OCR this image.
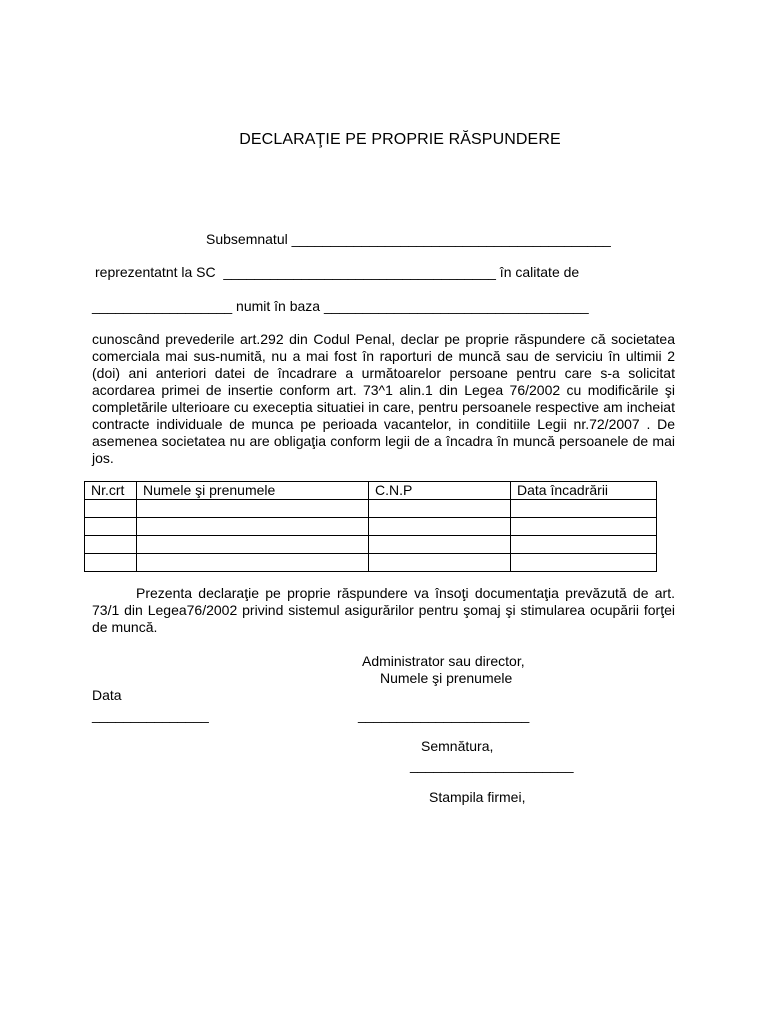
DECLARAŢIE PE PROPRIE RĂSPUNDERE
Subsemnatul _________________________________________
reprezentatnt la SC  ___________________________________ în calitate de
__________________ numit în baza __________________________________
cunoscând prevederile art.292 din Codul Penal, declar pe proprie răspundere că societatea comerciala mai sus-numită, nu a mai fost în raporturi de muncă sau de serviciu în ultimii 2 (doi) ani anteriori datei de încadrare a următoarelor persoane pentru care s-a solicitat acordarea primei de insertie conform art. 73^1 alin.1 din Legea 76/2002 cu modificările şi completările ulterioare cu execeptia situatiei in care, pentru persoanele respective am incheiat contracte individuale de munca pe perioada vacantelor, in conditiile Legii nr.72/2007 . De asemenea societatea nu are obligaţia conform legii de a încadra în muncă persoanele de mai jos.
Nr.crt	Numele şi prenumele	C.N.P	Data încadrării

Prezenta declaraţie pe proprie răspundere va însoţi documentaţia prevăzută de art. 73/1 din Legea76/2002 privind sistemul asigurărilor pentru şomaj şi stimularea ocupării forţei de muncă.
Administrator sau director,
Numele şi prenumele
Data
_______________	______________________
Semnătura,
_____________________
Stampila firmei,
